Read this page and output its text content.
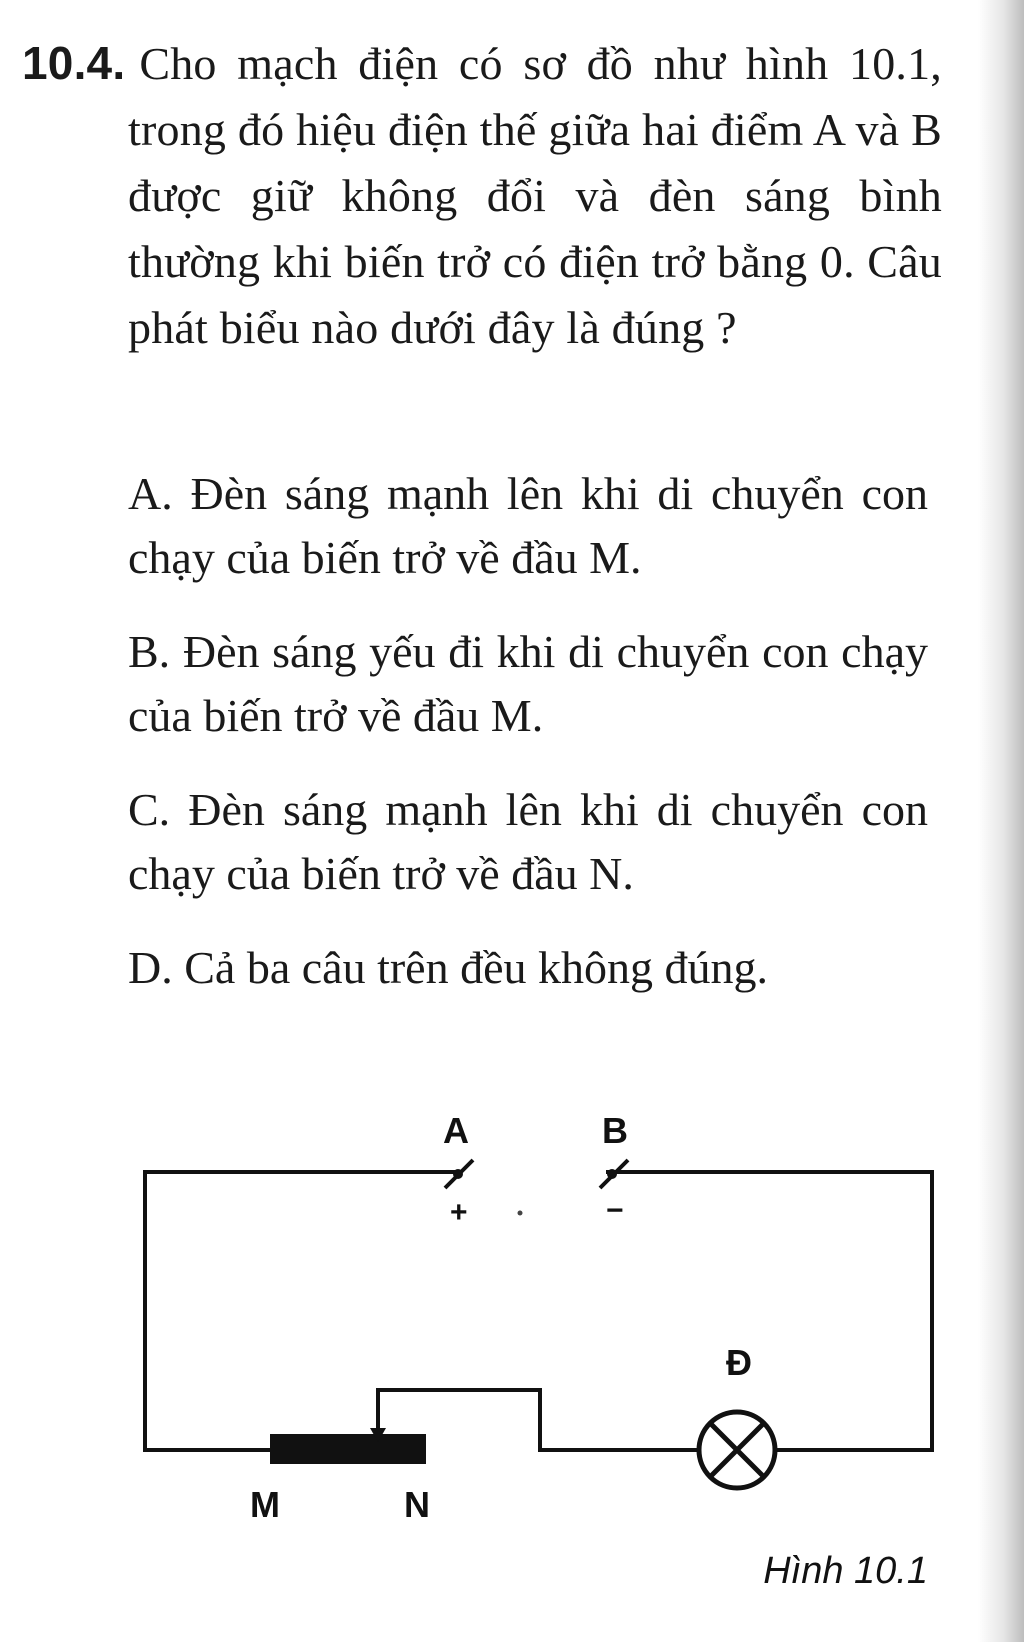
10.4. Cho mạch điện có sơ đồ như hình 10.1, trong đó hiệu điện thế giữa hai điểm A và B được giữ không đổi và đèn sáng bình thường khi biến trở có điện trở bằng 0. Câu phát biểu nào dưới đây là đúng ?

A. Đèn sáng mạnh lên khi di chuyển con chạy của biến trở về đầu M.

B. Đèn sáng yếu đi khi di chuyển con chạy của biến trở về đầu M.

C. Đèn sáng mạnh lên khi di chuyển con chạy của biến trở về đầu N.

D. Cả ba câu trên đều không đúng.

A	B
+	−
Đ
M	N
Hình 10.1
